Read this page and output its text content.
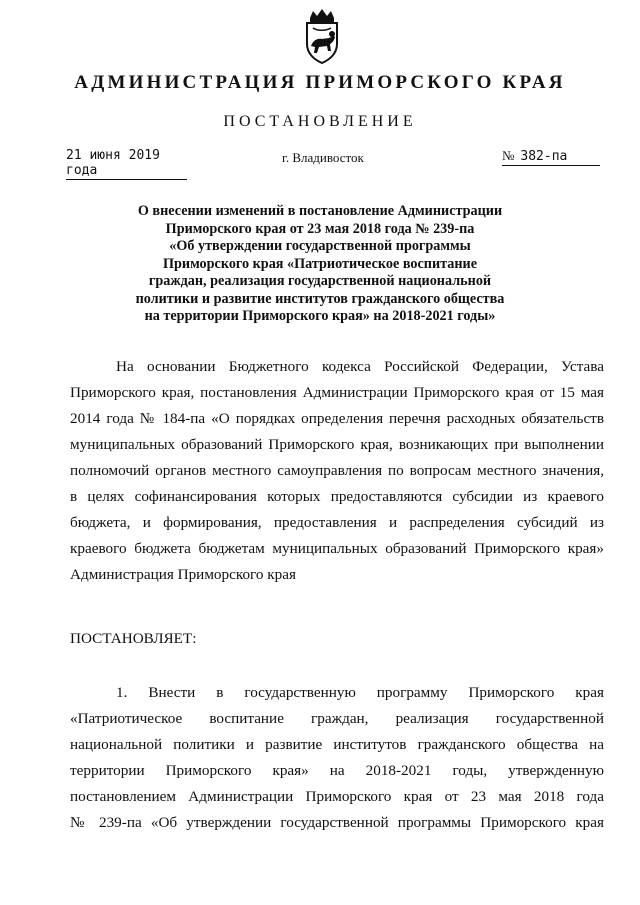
АДМИНИСТРАЦИЯ ПРИМОРСКОГО КРАЯ
ПОСТАНОВЛЕНИЕ
21 июня 2019 года
г. Владивосток	№ 382-па
О внесении изменений в постановление Администрации
Приморского края от 23 мая 2018 года № 239-па
«Об утверждении государственной программы
Приморского края «Патриотическое воспитание
граждан, реализация государственной национальной
политики и развитие институтов гражданского общества
на территории Приморского края» на 2018-2021 годы»
На основании Бюджетного кодекса Российской Федерации, Устава
Приморского края, постановления Администрации Приморского края от 15 мая
2014 года № 184-па «О порядках определения перечня расходных обязательств
муниципальных образований Приморского края, возникающих при выполнении
полномочий органов местного самоуправления по вопросам местного значения,
в целях софинансирования которых предоставляются субсидии из краевого
бюджета, и формирования, предоставления и распределения субсидий из
краевого бюджета бюджетам муниципальных образований Приморского края»
Администрация Приморского края
ПОСТАНОВЛЯЕТ:
1. Внести в государственную программу Приморского края
«Патриотическое воспитание граждан, реализация государственной
национальной политики и развитие институтов гражданского общества на
территории Приморского края» на 2018-2021 годы, утвержденную
постановлением Администрации Приморского края от 23 мая 2018 года
№ 239-па «Об утверждении государственной программы Приморского края
